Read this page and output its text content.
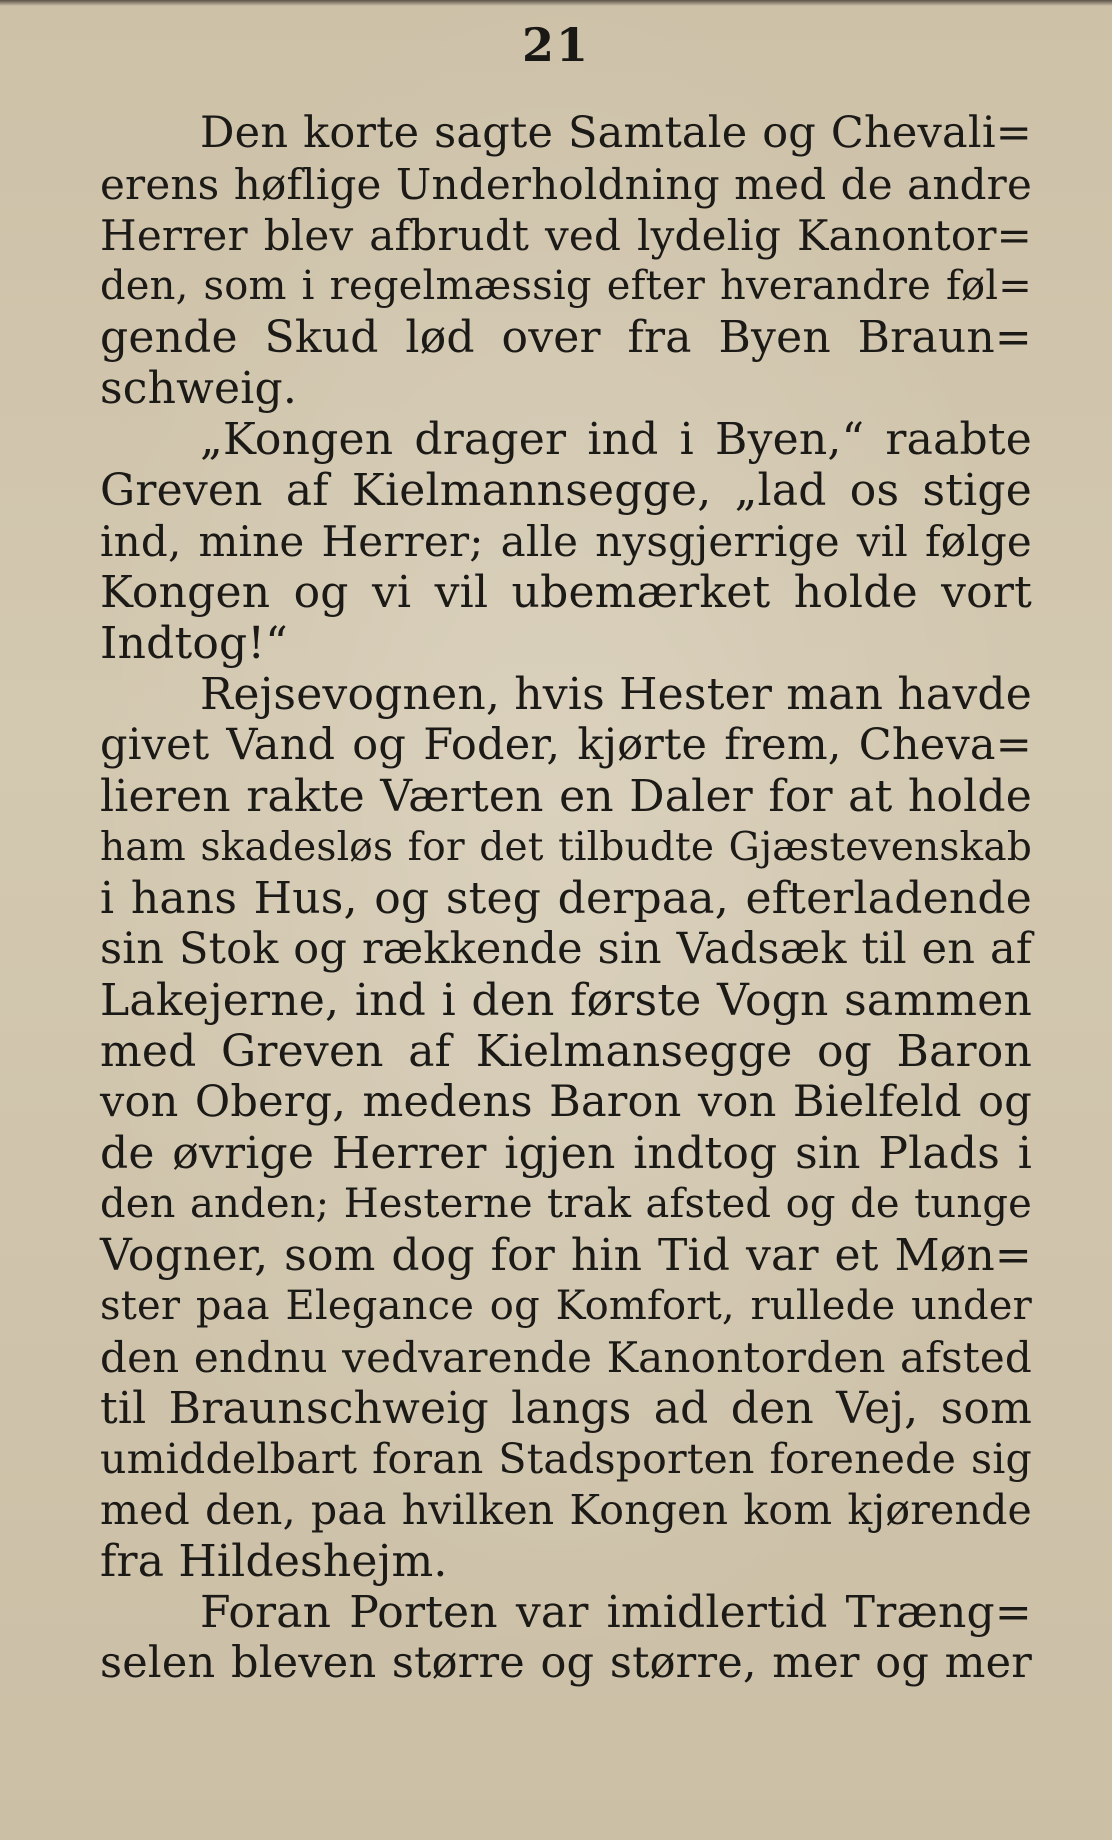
21
Den korte sagte Samtale og Chevali=
erens høflige Underholdning med de andre
Herrer blev afbrudt ved lydelig Kanontor=
den, som i regelmæssig efter hverandre føl=
gende Skud lød over fra Byen Braun=
schweig.
„Kongen drager ind i Byen,“ raabte
Greven af Kielmannsegge, „lad os stige
ind, mine Herrer; alle nysgjerrige vil følge
Kongen og vi vil ubemærket holde vort
Indtog!“
Rejsevognen, hvis Hester man havde
givet Vand og Foder, kjørte frem, Cheva=
lieren rakte Værten en Daler for at holde
ham skadesløs for det tilbudte Gjæstevenskab
i hans Hus, og steg derpaa, efterladende
sin Stok og rækkende sin Vadsæk til en af
Lakejerne, ind i den første Vogn sammen
med Greven af Kielmansegge og Baron
von Oberg, medens Baron von Bielfeld og
de øvrige Herrer igjen indtog sin Plads i
den anden; Hesterne trak afsted og de tunge
Vogner, som dog for hin Tid var et Møn=
ster paa Elegance og Komfort, rullede under
den endnu vedvarende Kanontorden afsted
til Braunschweig langs ad den Vej, som
umiddelbart foran Stadsporten forenede sig
med den, paa hvilken Kongen kom kjørende
fra Hildeshejm.
Foran Porten var imidlertid Træng=
selen bleven større og større, mer og mer
